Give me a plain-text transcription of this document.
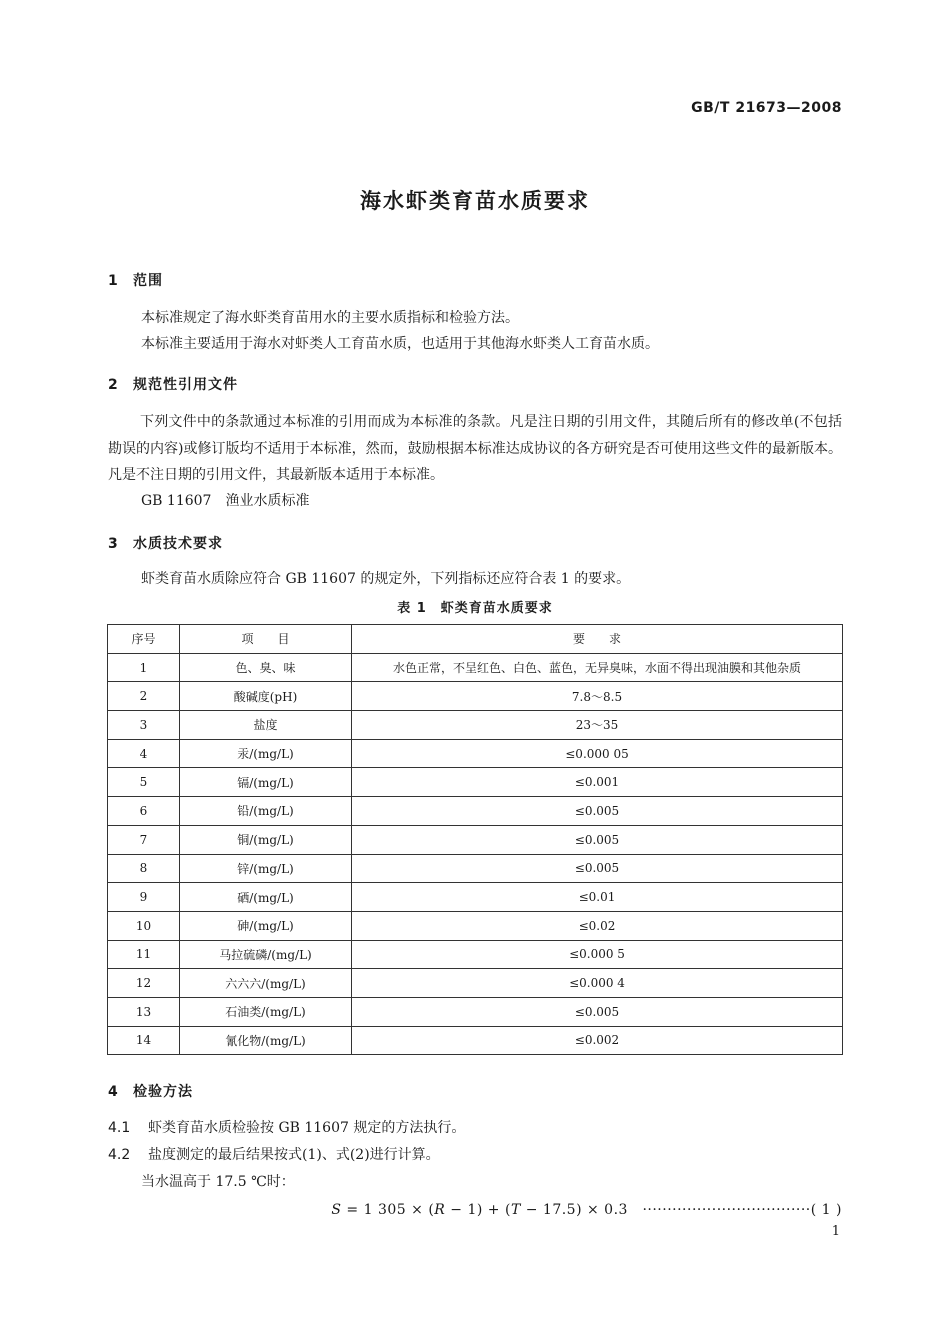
GB/T 21673—2008
海水虾类育苗水质要求
1 范围
本标准规定了海水虾类育苗用水的主要水质指标和检验方法。
本标准主要适用于海水对虾类人工育苗水质，也适用于其他海水虾类人工育苗水质。
2 规范性引用文件
下列文件中的条款通过本标准的引用而成为本标准的条款。凡是注日期的引用文件，其随后所有的修改单(不包括勘误的内容)或修订版均不适用于本标准，然而，鼓励根据本标准达成协议的各方研究是否可使用这些文件的最新版本。凡是不注日期的引用文件，其最新版本适用于本标准。
GB 11607　渔业水质标准
3 水质技术要求
虾类育苗水质除应符合 GB 11607 的规定外，下列指标还应符合表 1 的要求。
表 1　虾类育苗水质要求
序号	项　　目	要　　求
1	色、臭、味	水色正常，不呈红色、白色、蓝色，无异臭味，水面不得出现油膜和其他杂质
2	酸碱度(pH)	7.8～8.5
3	盐度	23～35
4	汞/(mg/L)	≤0.000 05
5	镉/(mg/L)	≤0.001
6	铅/(mg/L)	≤0.005
7	铜/(mg/L)	≤0.005
8	锌/(mg/L)	≤0.005
9	硒/(mg/L)	≤0.01
10	砷/(mg/L)	≤0.02
11	马拉硫磷/(mg/L)	≤0.000 5
12	六六六/(mg/L)	≤0.000 4
13	石油类/(mg/L)	≤0.005
14	氰化物/(mg/L)	≤0.002
4 检验方法
4.1 虾类育苗水质检验按 GB 11607 规定的方法执行。
4.2 盐度测定的最后结果按式(1)、式(2)进行计算。
当水温高于 17.5 ℃时：
S = 1 305 × (R − 1) + (T − 17.5) × 0.3　··································( 1 )
1
